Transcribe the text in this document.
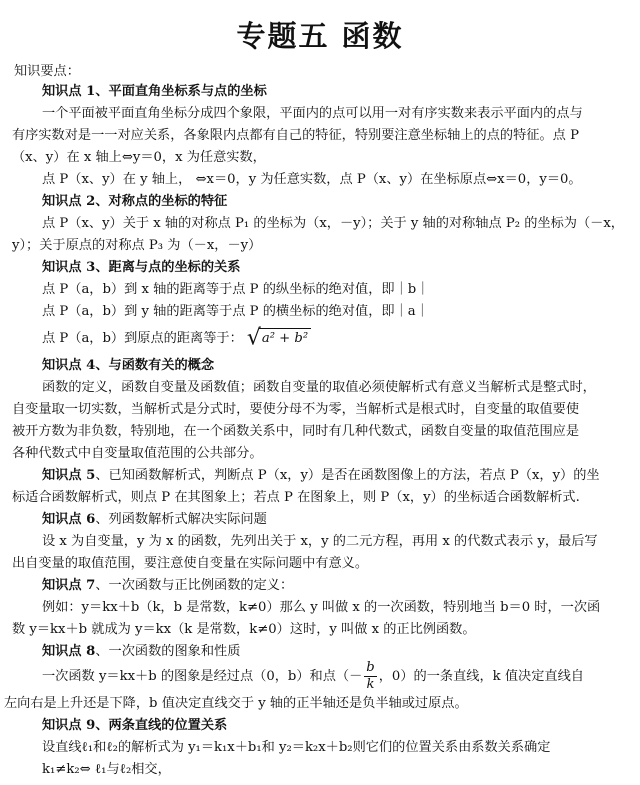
专题五 函数
知识要点：
知识点 1、平面直角坐标系与点的坐标
一个平面被平面直角坐标分成四个象限，平面内的点可以用一对有序实数来表示平面内的点与
有序实数对是一一对应关系，各象限内点都有自己的特征，特别要注意坐标轴上的点的特征。点 P
（x、y）在 x 轴上⇔y＝0，x 为任意实数，
点 P（x、y）在 y 轴上， ⇔x＝0，y 为任意实数，点 P（x、y）在坐标原点⇔x＝0，y＝0。
知识点 2、对称点的坐标的特征
点 P（x、y）关于 x 轴的对称点 P₁ 的坐标为（x，－y）；关于 y 轴的对称轴点 P₂ 的坐标为（－x，
y）；关于原点的对称点 P₃ 为（－x，－y）
知识点 3、距离与点的坐标的关系
点 P（a，b）到 x 轴的距离等于点 P 的纵坐标的绝对值，即｜b｜
点 P（a，b）到 y 轴的距离等于点 P 的横坐标的绝对值，即｜a｜
点 P（a，b）到原点的距离等于： √a² + b²
知识点 4、与函数有关的概念
函数的定义，函数自变量及函数值；函数自变量的取值必须使解析式有意义当解析式是整式时，
自变量取一切实数，当解析式是分式时，要使分母不为零，当解析式是根式时，自变量的取值要使
被开方数为非负数，特别地，在一个函数关系中，同时有几种代数式，函数自变量的取值范围应是
各种代数式中自变量取值范围的公共部分。
知识点 5、已知函数解析式，判断点 P（x，y）是否在函数图像上的方法，若点 P（x，y）的坐
标适合函数解析式，则点 P 在其图象上；若点 P 在图象上，则 P（x，y）的坐标适合函数解析式.
知识点 6、列函数解析式解决实际问题
设 x 为自变量，y 为 x 的函数，先列出关于 x，y 的二元方程，再用 x 的代数式表示 y，最后写
出自变量的取值范围，要注意使自变量在实际问题中有意义。
知识点 7、一次函数与正比例函数的定义：
例如：y＝kx＋b（k，b 是常数，k≠0）那么 y 叫做 x 的一次函数，特别地当 b＝0 时，一次函
数 y＝kx＋b 就成为 y＝kx（k 是常数，k≠0）这时，y 叫做 x 的正比例函数。
知识点 8、一次函数的图象和性质
一次函数 y＝kx＋b 的图象是经过点（0，b）和点（－ $\frac{b}{k}$ ，0）的一条直线，k 值决定直线自
左向右是上升还是下降，b 值决定直线交于 y 轴的正半轴还是负半轴或过原点。
知识点 9、两条直线的位置关系
设直线ℓ₁和ℓ₂的解析式为 y₁＝k₁x＋b₁和 y₂＝k₂x＋b₂则它们的位置关系由系数关系确定
k₁≠k₂⇔ ℓ₁与ℓ₂相交，
